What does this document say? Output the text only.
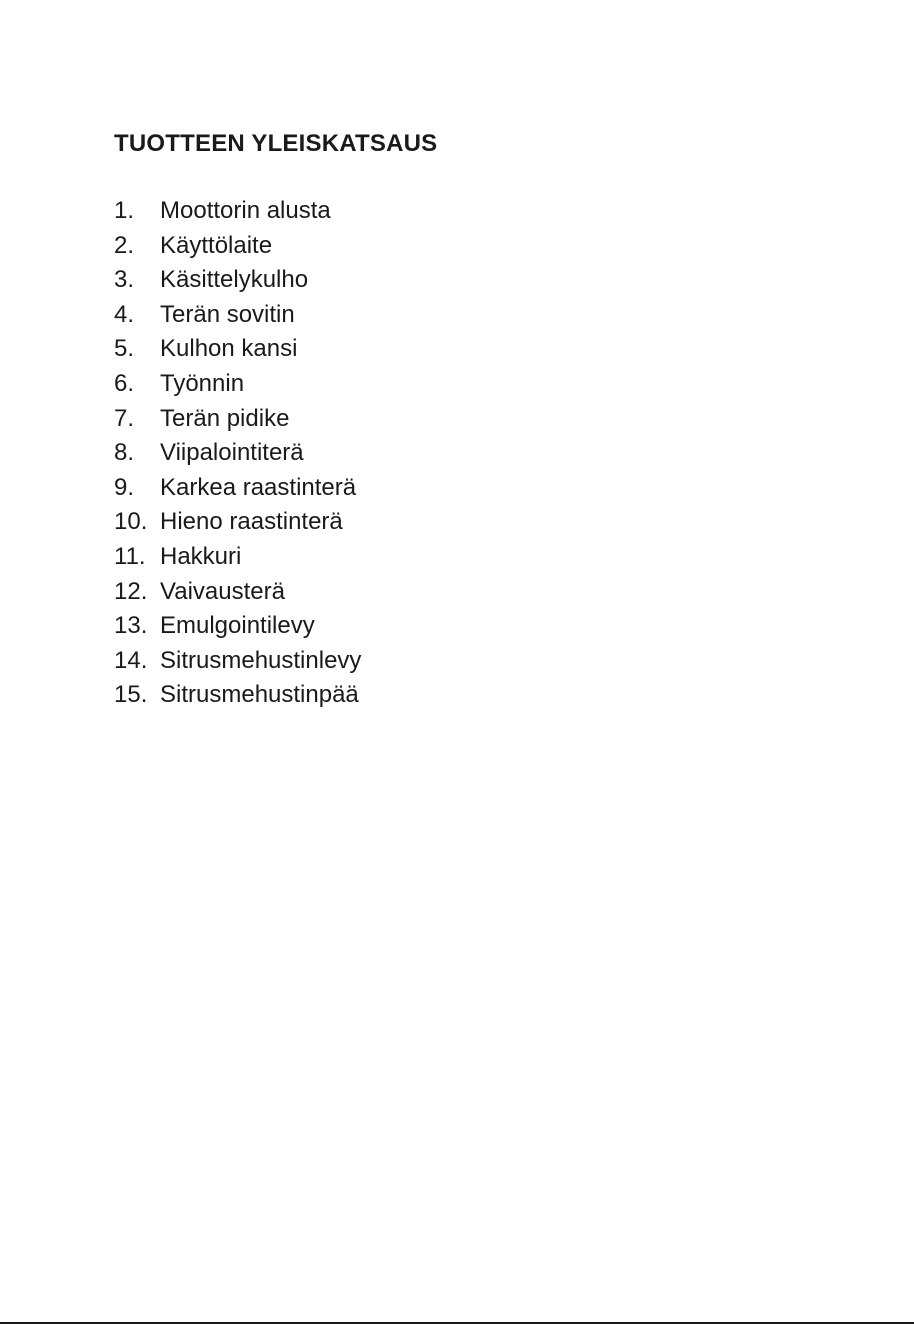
TUOTTEEN YLEISKATSAUS
1. Moottorin alusta
2. Käyttölaite
3. Käsittelykulho
4. Terän sovitin
5. Kulhon kansi
6. Työnnin
7. Terän pidike
8. Viipalointiterä
9. Karkea raastinterä
10. Hieno raastinterä
11. Hakkuri
12. Vaivausterä
13. Emulgointilevy
14. Sitrusmehustinlevy
15. Sitrusmehustinpää
